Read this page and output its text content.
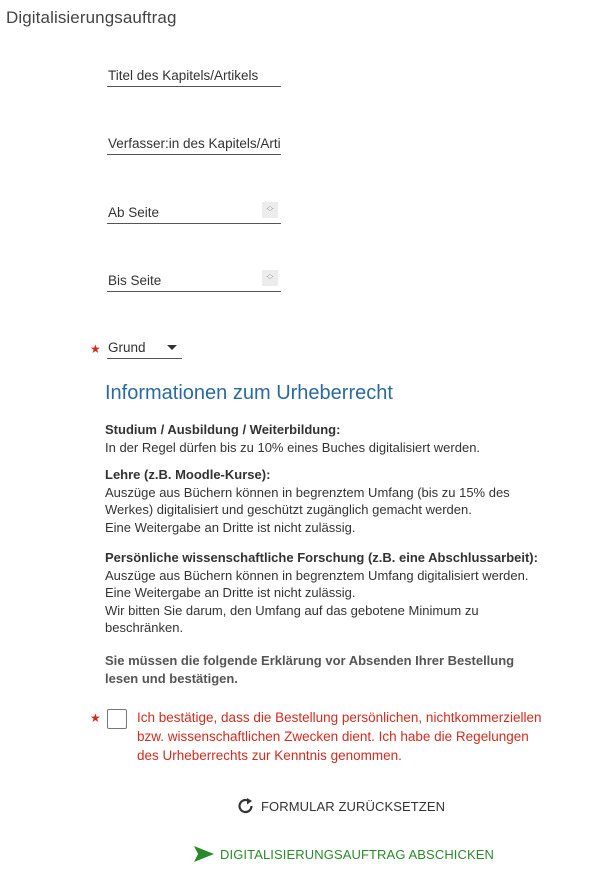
Digitalisierungsauftrag
Titel des Kapitels/Artikels
Verfasser:in des Kapitels/Artikels
Ab Seite
︿
﹀
Bis Seite
︿
﹀
★ Grund
Informationen zum Urheberrecht
Studium / Ausbildung / Weiterbildung:
In der Regel dürfen bis zu 10% eines Buches digitalisiert werden.
Lehre (z.B. Moodle-Kurse):
Auszüge aus Büchern können in begrenztem Umfang (bis zu 15% des
Werkes) digitalisiert und geschützt zugänglich gemacht werden.
Eine Weitergabe an Dritte ist nicht zulässig.
Persönliche wissenschaftliche Forschung (z.B. eine Abschlussarbeit):
Auszüge aus Büchern können in begrenztem Umfang digitalisiert werden.
Eine Weitergabe an Dritte ist nicht zulässig.
Wir bitten Sie darum, den Umfang auf das gebotene Minimum zu
beschränken.
Sie müssen die folgende Erklärung vor Absenden Ihrer Bestellung
lesen und bestätigen.
★	Ich bestätige, dass die Bestellung persönlichen, nichtkommerziellen
bzw. wissenschaftlichen Zwecken dient. Ich habe die Regelungen
des Urheberrechts zur Kenntnis genommen.
FORMULAR ZURÜCKSETZEN
DIGITALISIERUNGSAUFTRAG ABSCHICKEN
